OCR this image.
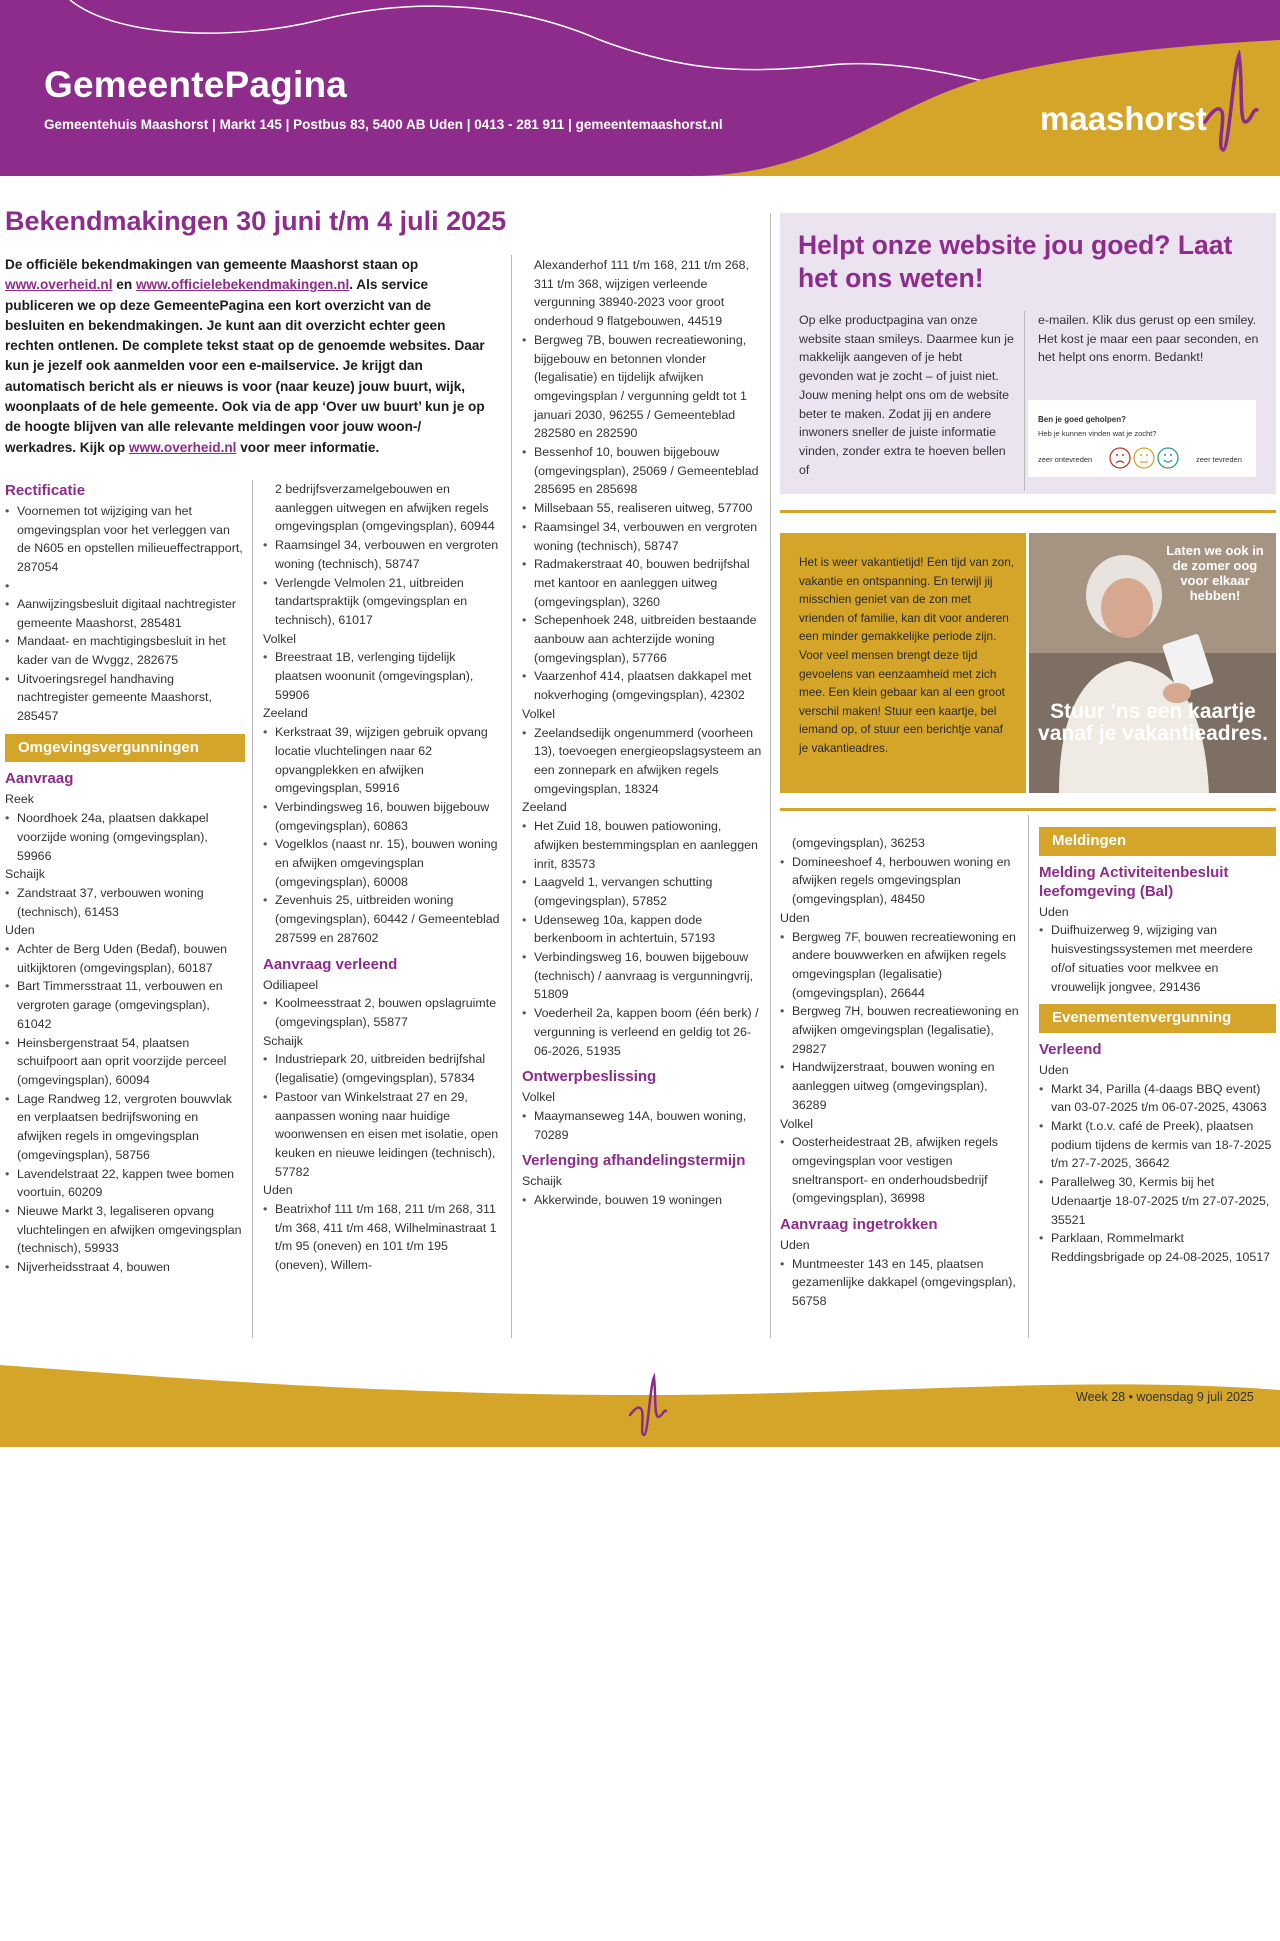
GemeentePagina
Gemeentehuis Maashorst | Markt 145 | Postbus 83, 5400 AB Uden | 0413 - 281 911 | gemeentemaashorst.nl	maashorst
Bekendmakingen 30 juni t/m 4 juli 2025
De officiële bekendmakingen van gemeente Maashorst staan op www.overheid.nl en www.officielebekendmakingen.nl. Als service publiceren we op deze GemeentePagina een kort overzicht van de besluiten en bekendmakingen. Je kunt aan dit overzicht echter geen rechten ontlenen. De complete tekst staat op de genoemde websites. Daar kun je jezelf ook aanmelden voor een e-mailservice. Je krijgt dan automatisch bericht als er nieuws is voor (naar keuze) jouw buurt, wijk, woonplaats of de hele gemeente. Ook via de app ‘Over uw buurt’ kun je op de hoogte blijven van alle relevante meldingen voor jouw woon-/ werkadres. Kijk op www.overheid.nl voor meer informatie.
Rectificatie
• Voornemen tot wijziging van het omgevingsplan voor het verleggen van de N605 en opstellen milieueffectrapport, 287054
•
• Aanwijzingsbesluit digitaal nachtregister gemeente Maashorst, 285481
• Mandaat- en machtigingsbesluit in het kader van de Wvggz, 282675
• Uitvoeringsregel handhaving nachtregister gemeente Maashorst, 285457
Omgevingsvergunningen
Aanvraag
Reek
• Noordhoek 24a, plaatsen dakkapel voorzijde woning (omgevingsplan), 59966
Schaijk
• Zandstraat 37, verbouwen woning (technisch), 61453
Uden
• Achter de Berg Uden (Bedaf), bouwen uitkijktoren (omgevingsplan), 60187
• Bart Timmersstraat 11, verbouwen en vergroten garage (omgevingsplan), 61042
• Heinsbergenstraat 54, plaatsen schuifpoort aan oprit voorzijde perceel (omgevingsplan), 60094
• Lage Randweg 12, vergroten bouwvlak en verplaatsen bedrijfswoning en afwijken regels in omgevingsplan (omgevingsplan), 58756
• Lavendelstraat 22, kappen twee bomen voortuin, 60209
• Nieuwe Markt 3, legaliseren opvang vluchtelingen en afwijken omgevingsplan (technisch), 59933
• Nijverheidsstraat 4, bouwen
2 bedrijfsverzamelgebouwen en aanleggen uitwegen en afwijken regels omgevingsplan (omgevingsplan), 60944
• Raamsingel 34, verbouwen en vergroten woning (technisch), 58747
• Verlengde Velmolen 21, uitbreiden tandartspraktijk (omgevingsplan en technisch), 61017
Volkel
• Breestraat 1B, verlenging tijdelijk plaatsen woonunit (omgevingsplan), 59906
Zeeland
• Kerkstraat 39, wijzigen gebruik opvang locatie vluchtelingen naar 62 opvangplekken en afwijken omgevingsplan, 59916
• Verbindingsweg 16, bouwen bijgebouw (omgevingsplan), 60863
• Vogelklos (naast nr. 15), bouwen woning en afwijken omgevingsplan (omgevingsplan), 60008
• Zevenhuis 25, uitbreiden woning (omgevingsplan), 60442 / Gemeenteblad 287599 en 287602
Aanvraag verleend
Odiliapeel
• Koolmeesstraat 2, bouwen opslagruimte (omgevingsplan), 55877
Schaijk
• Industriepark 20, uitbreiden bedrijfshal (legalisatie) (omgevingsplan), 57834
• Pastoor van Winkelstraat 27 en 29, aanpassen woning naar huidige woonwensen en eisen met isolatie, open keuken en nieuwe leidingen (technisch), 57782
Uden
• Beatrixhof 111 t/m 168, 211 t/m 268, 311 t/m 368, 411 t/m 468, Wilhelminastraat 1 t/m 95 (oneven) en 101 t/m 195 (oneven), Willem-
Alexanderhof 111 t/m 168, 211 t/m 268, 311 t/m 368, wijzigen verleende vergunning 38940-2023 voor groot onderhoud 9 flatgebouwen, 44519
• Bergweg 7B, bouwen recreatiewoning, bijgebouw en betonnen vlonder (legalisatie) en tijdelijk afwijken omgevingsplan / vergunning geldt tot 1 januari 2030, 96255 / Gemeenteblad 282580 en 282590
• Bessenhof 10, bouwen bijgebouw (omgevingsplan), 25069 / Gemeenteblad 285695 en 285698
• Millsebaan 55, realiseren uitweg, 57700
• Raamsingel 34, verbouwen en vergroten woning (technisch), 58747
• Radmakerstraat 40, bouwen bedrijfshal met kantoor en aanleggen uitweg (omgevingsplan), 3260
• Schepenhoek 248, uitbreiden bestaande aanbouw aan achterzijde woning (omgevingsplan), 57766
• Vaarzenhof 414, plaatsen dakkapel met nokverhoging (omgevingsplan), 42302
Volkel
• Zeelandsedijk ongenummerd (voorheen 13), toevoegen energieopslagsysteem an een zonnepark en afwijken regels omgevingsplan, 18324
Zeeland
• Het Zuid 18, bouwen patiowoning, afwijken bestemmingsplan en aanleggen inrit, 83573
• Laagveld 1, vervangen schutting (omgevingsplan), 57852
• Udenseweg 10a, kappen dode berkenboom in achtertuin, 57193
• Verbindingsweg 16, bouwen bijgebouw (technisch) / aanvraag is vergunningvrij, 51809
• Voederheil 2a, kappen boom (één berk) / vergunning is verleend en geldig tot 26-06-2026, 51935
Ontwerpbeslissing
Volkel
• Maaymanseweg 14A, bouwen woning, 70289
Verlenging afhandelingstermijn
Schaijk
• Akkerwinde, bouwen 19 woningen
Helpt onze website jou goed? Laat het ons weten!
Op elke productpagina van onze website staan smileys. Daarmee kun je makkelijk aangeven of je hebt gevonden wat je zocht – of juist niet. Jouw mening helpt ons om de website beter te maken. Zodat jij en andere inwoners sneller de juiste informatie vinden, zonder extra te hoeven bellen of
e-mailen. Klik dus gerust op een smiley. Het kost je maar een paar seconden, en het helpt ons enorm. Bedankt!
Ben je goed geholpen?
Heb je kunnen vinden wat je zocht?
zeer ontevreden	zeer tevreden

Het is weer vakantietijd! Een tijd van zon, vakantie en ontspanning. En terwijl jij misschien geniet van de zon met vrienden of familie, kan dit voor anderen een minder gemakkelijke periode zijn. Voor veel mensen brengt deze tijd gevoelens van eenzaamheid met zich mee. Een klein gebaar kan al een groot verschil maken! Stuur een kaartje, bel iemand op, of stuur een berichtje vanaf je vakantieadres.

Laten we ook in de zomer oog voor elkaar hebben!
Stuur 'ns een kaartje vanaf je vakantieadres.
(omgevingsplan), 36253
• Domineeshoef 4, herbouwen woning en afwijken regels omgevingsplan (omgevingsplan), 48450
Uden
• Bergweg 7F, bouwen recreatiewoning en andere bouwwerken en afwijken regels omgevingsplan (legalisatie) (omgevingsplan), 26644
• Bergweg 7H, bouwen recreatiewoning en afwijken omgevingsplan (legalisatie), 29827
• Handwijzerstraat, bouwen woning en aanleggen uitweg (omgevingsplan), 36289
Volkel
• Oosterheidestraat 2B, afwijken regels omgevingsplan voor vestigen sneltransport- en onderhoudsbedrijf (omgevingsplan), 36998
Aanvraag ingetrokken
Uden
• Muntmeester 143 en 145, plaatsen gezamenlijke dakkapel (omgevingsplan), 56758
Meldingen
Melding Activiteitenbesluit leefomgeving (Bal)
Uden
• Duifhuizerweg 9, wijziging van huisvestingssystemen met meerdere of/of situaties voor melkvee en vrouwelijk jongvee, 291436
Evenementenvergunning
Verleend
Uden
• Markt 34, Parilla (4-daags BBQ event) van 03-07-2025 t/m 06-07-2025, 43063
• Markt (t.o.v. café de Preek), plaatsen podium tijdens de kermis van 18-7-2025 t/m 27-7-2025, 36642
• Parallelweg 30, Kermis bij het Udenaartje 18-07-2025 t/m 27-07-2025, 35521
• Parklaan, Rommelmarkt Reddingsbrigade op 24-08-2025, 10517
Week 28 • woensdag 9 juli 2025
